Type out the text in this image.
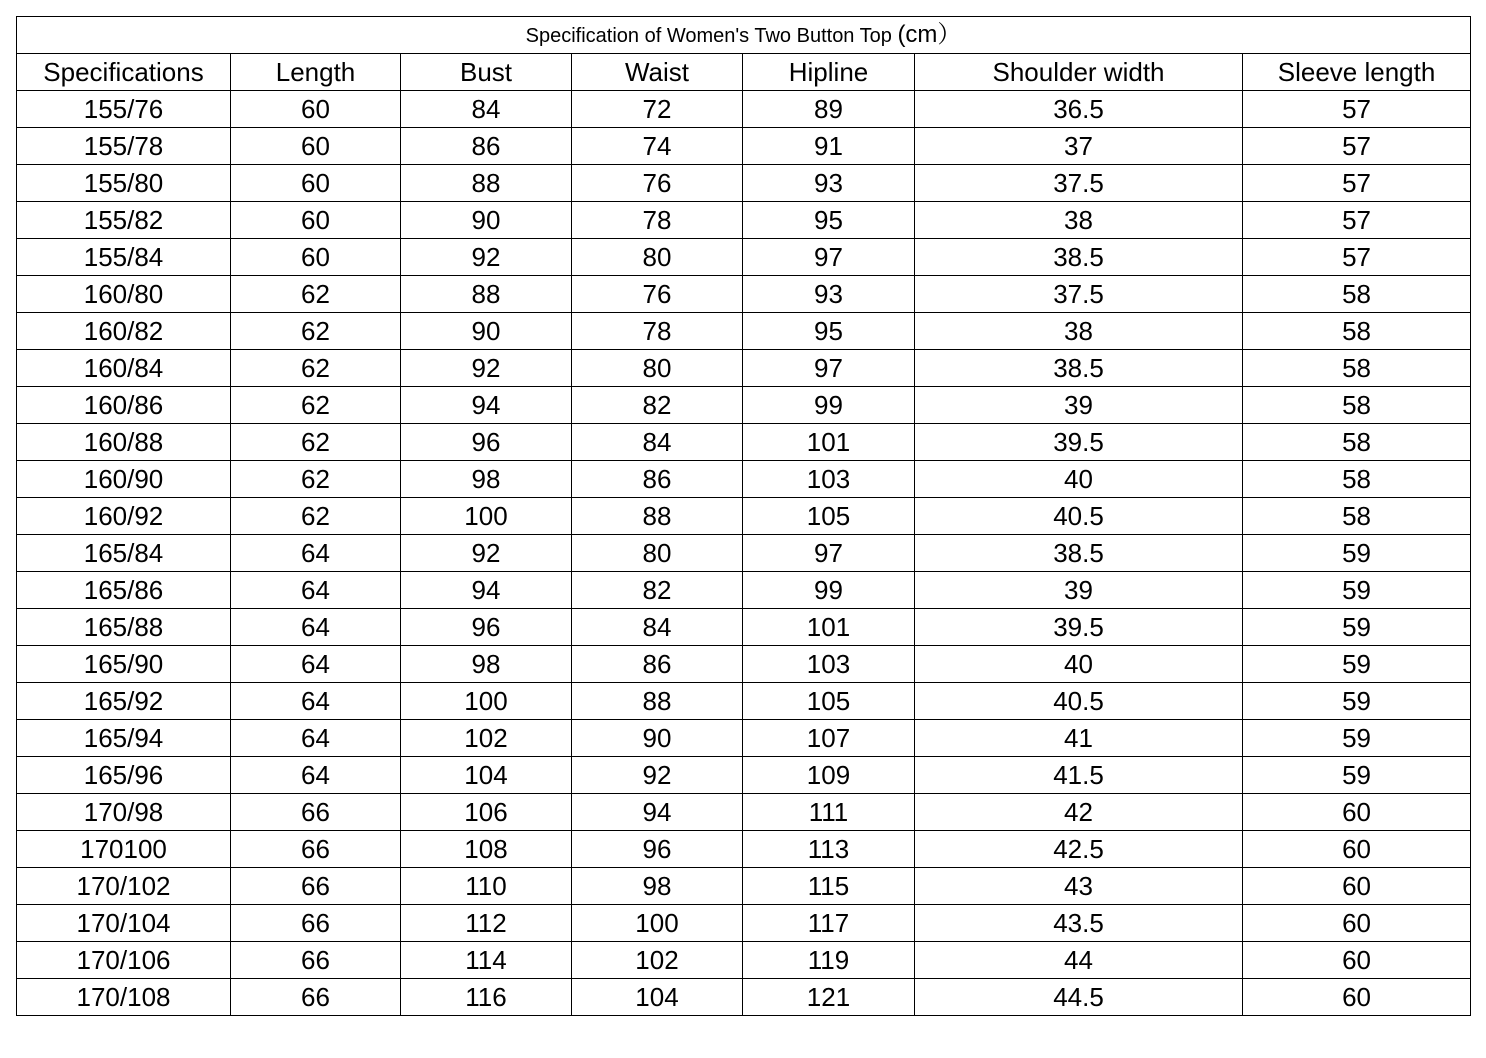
Specification of Women's Two Button Top (cm）						
Specifications	Length	Bust	Waist	Hipline	Shoulder width	Sleeve length
155/76	60	84	72	89	36.5	57
155/78	60	86	74	91	37	57
155/80	60	88	76	93	37.5	57
155/82	60	90	78	95	38	57
155/84	60	92	80	97	38.5	57
160/80	62	88	76	93	37.5	58
160/82	62	90	78	95	38	58
160/84	62	92	80	97	38.5	58
160/86	62	94	82	99	39	58
160/88	62	96	84	101	39.5	58
160/90	62	98	86	103	40	58
160/92	62	100	88	105	40.5	58
165/84	64	92	80	97	38.5	59
165/86	64	94	82	99	39	59
165/88	64	96	84	101	39.5	59
165/90	64	98	86	103	40	59
165/92	64	100	88	105	40.5	59
165/94	64	102	90	107	41	59
165/96	64	104	92	109	41.5	59
170/98	66	106	94	111	42	60
170100	66	108	96	113	42.5	60
170/102	66	110	98	115	43	60
170/104	66	112	100	117	43.5	60
170/106	66	114	102	119	44	60
170/108	66	116	104	121	44.5	60
